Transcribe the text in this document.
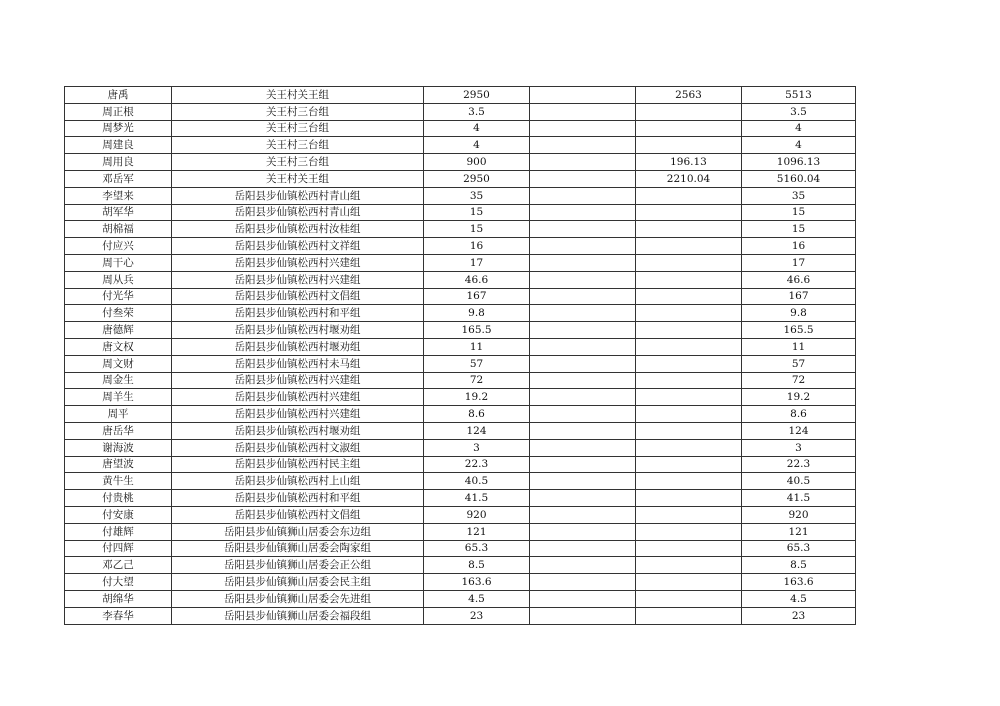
唐禹	关王村关王组	2950		2563	5513
周正根	关王村三台组	3.5			3.5
周梦光	关王村三台组	4			4
周建良	关王村三台组	4			4
周用良	关王村三台组	900		196.13	1096.13
邓岳军	关王村关王组	2950		2210.04	5160.04
李望来	岳阳县步仙镇松西村青山组	35			35
胡军华	岳阳县步仙镇松西村青山组	15			15
胡棉福	岳阳县步仙镇松西村汝桂组	15			15
付应兴	岳阳县步仙镇松西村文祥组	16			16
周干心	岳阳县步仙镇松西村兴建组	17			17
周从兵	岳阳县步仙镇松西村兴建组	46.6			46.6
付光华	岳阳县步仙镇松西村文倡组	167			167
付叁荣	岳阳县步仙镇松西村和平组	9.8			9.8
唐德辉	岳阳县步仙镇松西村堰劝组	165.5			165.5
唐文权	岳阳县步仙镇松西村堰劝组	11			11
周文财	岳阳县步仙镇松西村未马组	57			57
周金生	岳阳县步仙镇松西村兴建组	72			72
周羊生	岳阳县步仙镇松西村兴建组	19.2			19.2
周平	岳阳县步仙镇松西村兴建组	8.6			8.6
唐岳华	岳阳县步仙镇松西村堰劝组	124			124
谢海波	岳阳县步仙镇松西村文淑组	3			3
唐望波	岳阳县步仙镇松西村民主组	22.3			22.3
黄牛生	岳阳县步仙镇松西村上山组	40.5			40.5
付贵桃	岳阳县步仙镇松西村和平组	41.5			41.5
付安康	岳阳县步仙镇松西村文倡组	920			920
付雄辉	岳阳县步仙镇狮山居委会东边组	121			121
付四辉	岳阳县步仙镇狮山居委会陶家组	65.3			65.3
邓乙己	岳阳县步仙镇狮山居委会正公组	8.5			8.5
付大望	岳阳县步仙镇狮山居委会民主组	163.6			163.6
胡绵华	岳阳县步仙镇狮山居委会先进组	4.5			4.5
李春华	岳阳县步仙镇狮山居委会福段组	23			23
